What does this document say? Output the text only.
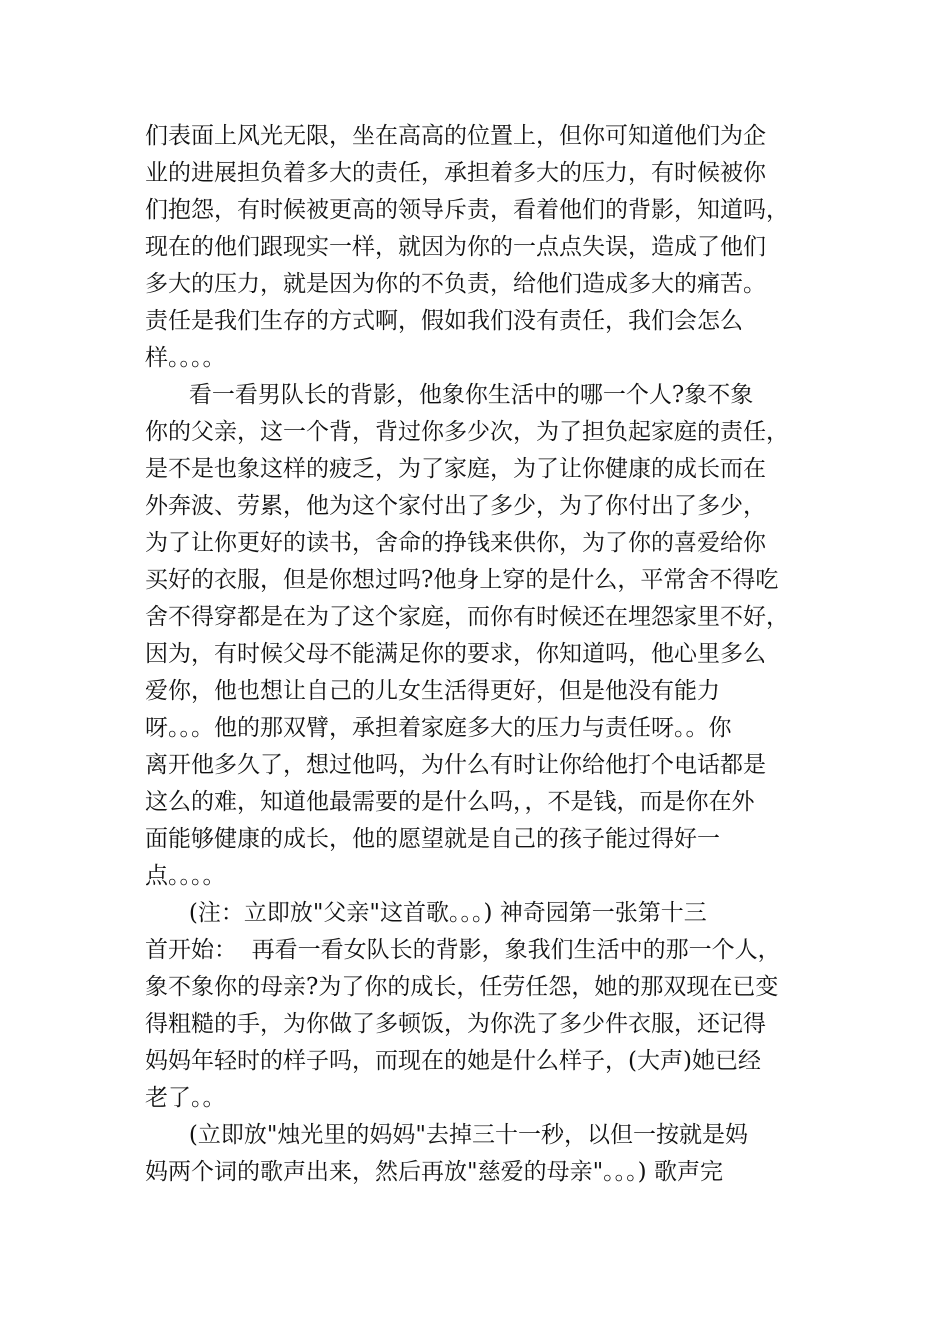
们表面上风光无限，坐在高高的位置上，但你可知道他们为企
业的进展担负着多大的责任，承担着多大的压力，有时候被你
们抱怨，有时候被更高的领导斥责，看着他们的背影，知道吗，
现在的他们跟现实一样，就因为你的一点点失误，造成了他们
多大的压力，就是因为你的不负责，给他们造成多大的痛苦。
责任是我们生存的方式啊，假如我们没有责任，我们会怎么
样。。。。
看一看男队长的背影，他象你生活中的哪一个人?象不象
你的父亲，这一个背，背过你多少次，为了担负起家庭的责任，
是不是也象这样的疲乏，为了家庭，为了让你健康的成长而在
外奔波、劳累，他为这个家付出了多少，为了你付出了多少，
为了让你更好的读书，舍命的挣钱来供你，为了你的喜爱给你
买好的衣服，但是你想过吗?他身上穿的是什么，平常舍不得吃
舍不得穿都是在为了这个家庭，而你有时候还在埋怨家里不好，
因为，有时候父母不能满足你的要求，你知道吗，他心里多么
爱你，他也想让自己的儿女生活得更好，但是他没有能力
呀。。。他的那双臂，承担着家庭多大的压力与责任呀。。你
离开他多久了，想过他吗，为什么有时让你给他打个电话都是
这么的难，知道他最需要的是什么吗，，不是钱，而是你在外
面能够健康的成长，他的愿望就是自己的孩子能过得好一
点。。。。
(注：立即放"父亲"这首歌。。。) 神奇园第一张第十三
首开始：  再看一看女队长的背影，象我们生活中的那一个人，
象不象你的母亲?为了你的成长，任劳任怨，她的那双现在已变
得粗糙的手，为你做了多顿饭，为你洗了多少件衣服，还记得
妈妈年轻时的样子吗，而现在的她是什么样子，(大声)她已经
老了。。
(立即放"烛光里的妈妈"去掉三十一秒，以但一按就是妈
妈两个词的歌声出来，然后再放"慈爱的母亲"。。。) 歌声完
